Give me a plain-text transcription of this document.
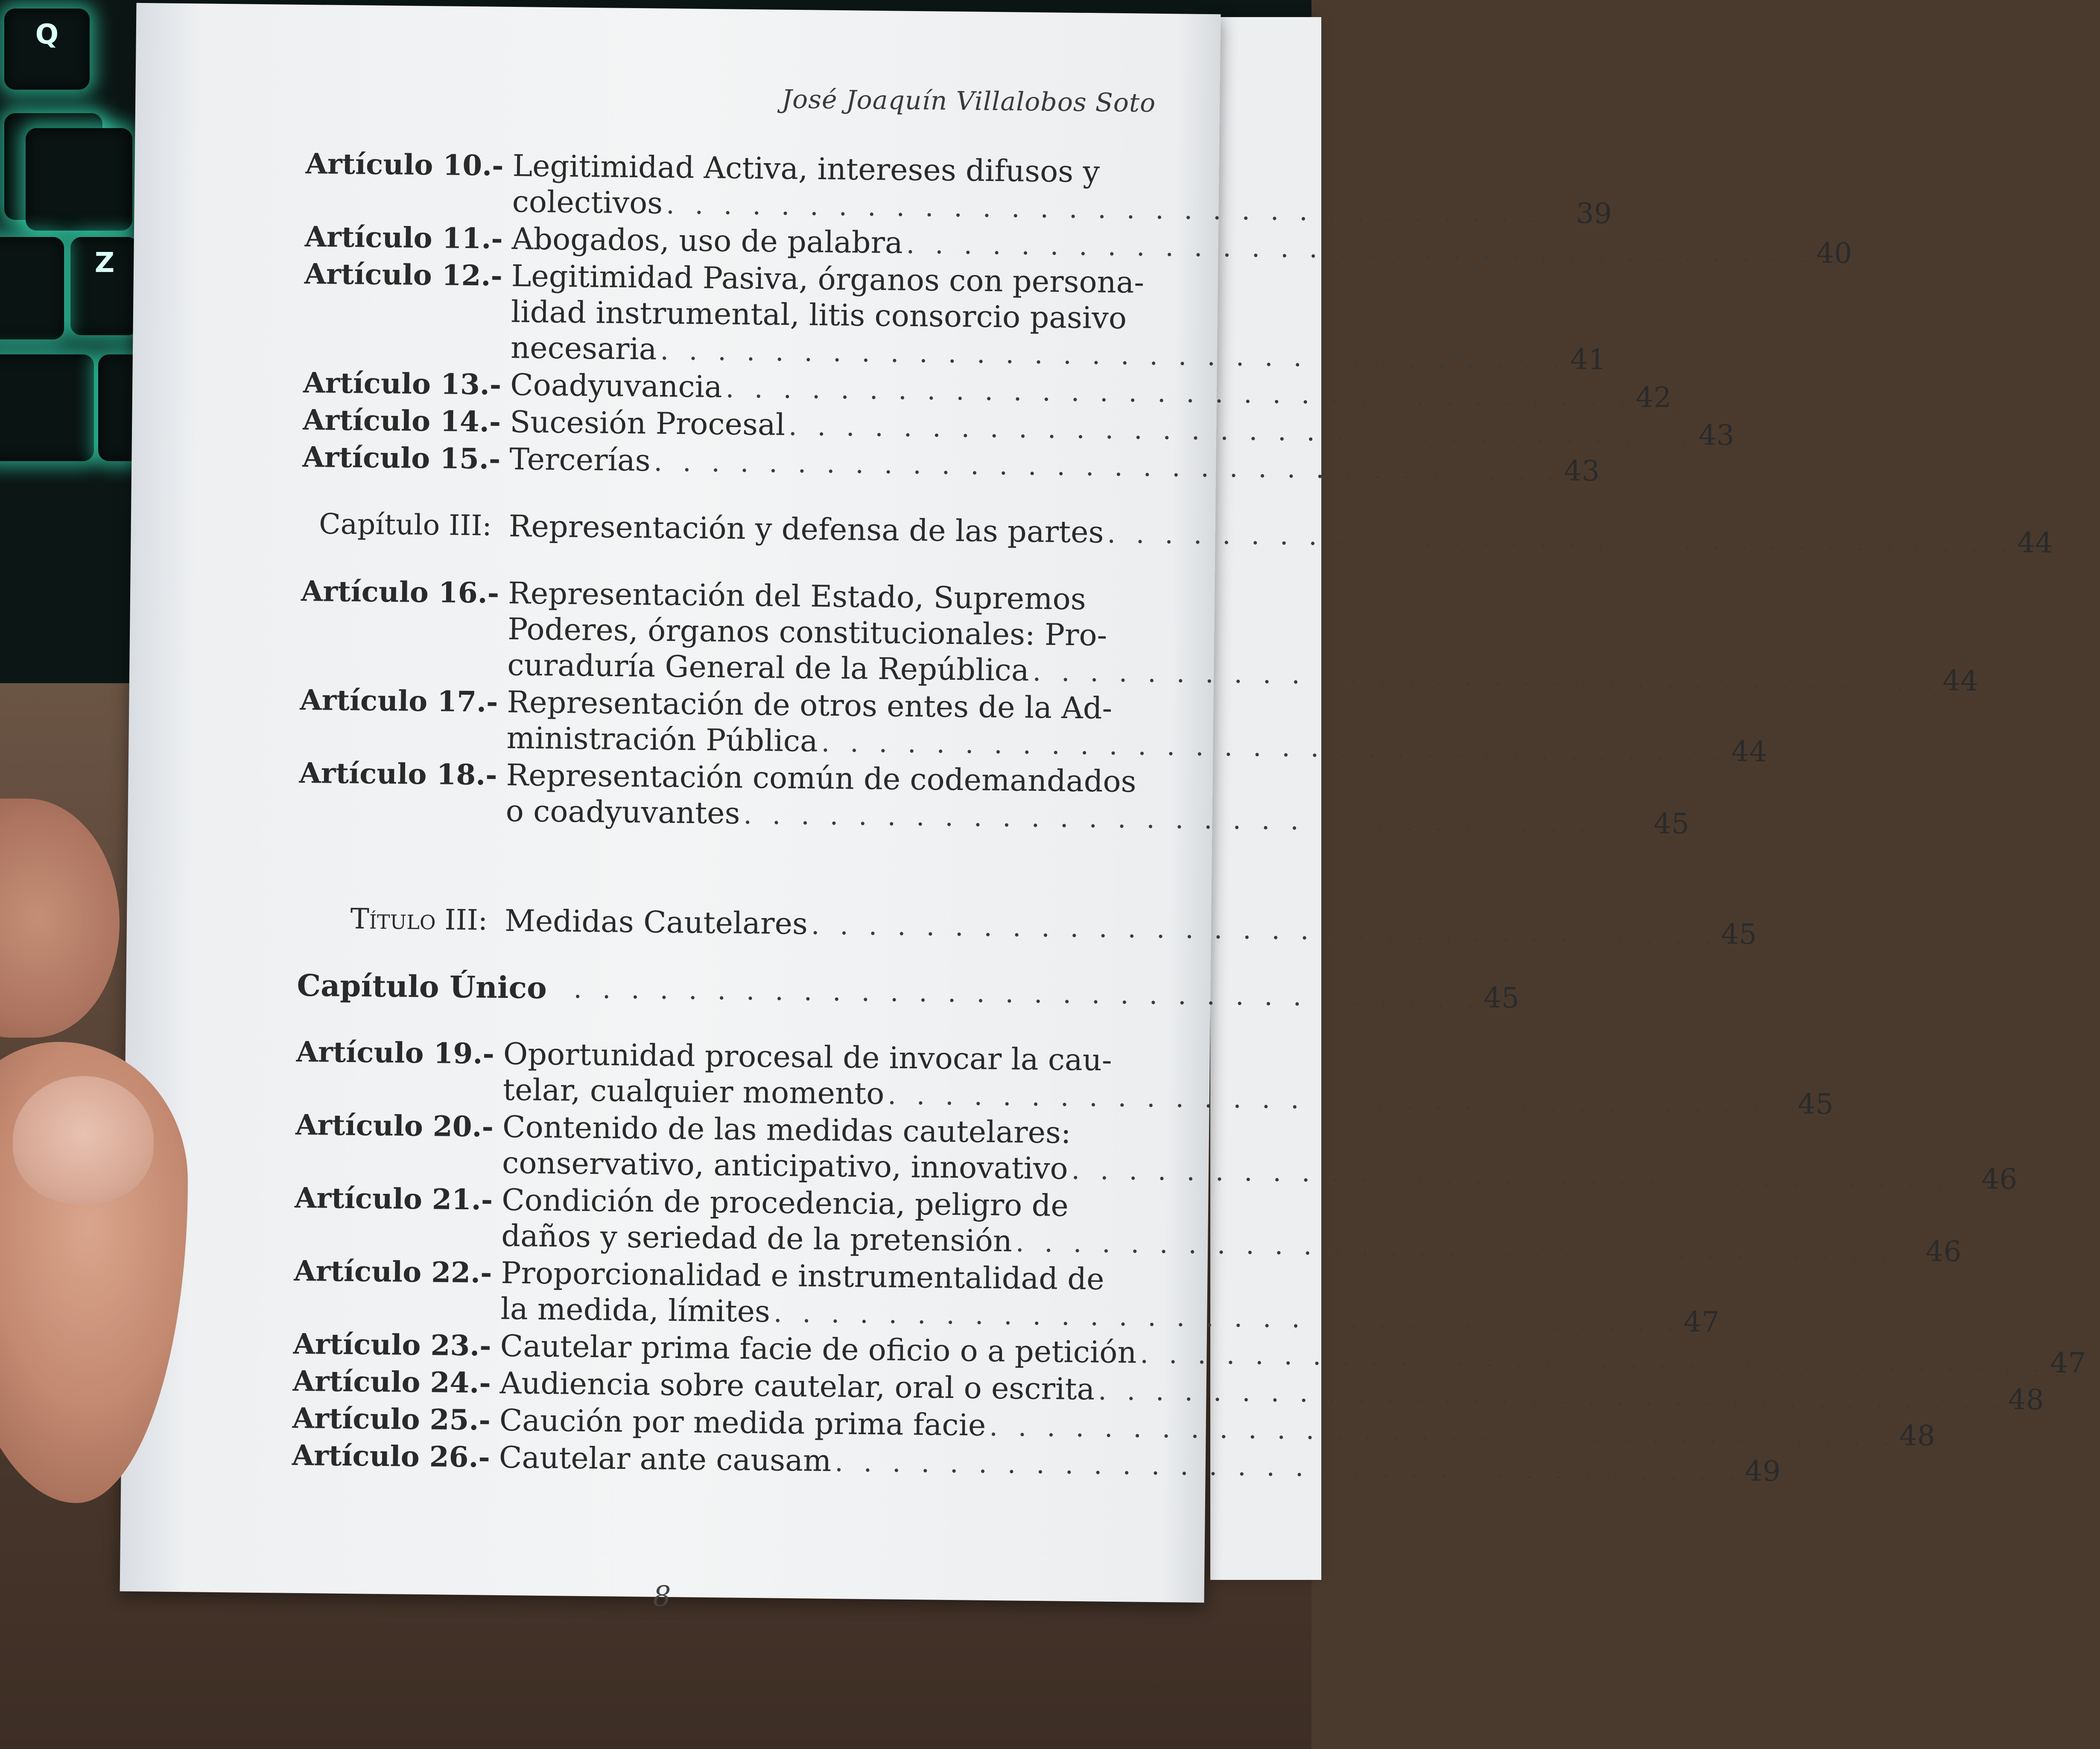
Q
Z
José Joaquín Villalobos Soto
Artículo 10.- Legitimidad Activa, intereses difusos y
colectivos . . . . . . . . . . . . . . . . . . . . . . . . . . . . . . . . 39
Artículo 11.- Abogados, uso de palabra . . . . . . . . . . . . . . . . . . . . . . . . . . . . . . . . 40
Artículo 12.- Legitimidad Pasiva, órganos con persona-
lidad instrumental, litis consorcio pasivo
necesaria . . . . . . . . . . . . . . . . . . . . . . . . . . . . . . . . 41
Artículo 13.- Coadyuvancia . . . . . . . . . . . . . . . . . . . . . . . . . . . . . . . . 42
Artículo 14.- Sucesión Procesal . . . . . . . . . . . . . . . . . . . . . . . . . . . . . . . . 43
Artículo 15.- Tercerías . . . . . . . . . . . . . . . . . . . . . . . . . . . . . . . . 43
Capítulo III: Representación y defensa de las partes . . . . . . . . . . . . . . . . . . . . . . . . . . . . . . . . 44
Artículo 16.- Representación del Estado, Supremos
Poderes, órganos constitucionales: Pro-
curaduría General de la República . . . . . . . . . . . . . . . . . . . . . . . . . . . . . . . . 44
Artículo 17.- Representación de otros entes de la Ad-
ministración Pública . . . . . . . . . . . . . . . . . . . . . . . . . . . . . . . . 44
Artículo 18.- Representación común de codemandados
o coadyuvantes . . . . . . . . . . . . . . . . . . . . . . . . . . . . . . . . 45
Título III: Medidas Cautelares . . . . . . . . . . . . . . . . . . . . . . . . . . . . . . . . 45
Capítulo Único . . . . . . . . . . . . . . . . . . . . . . . . . . . . . . . . 45
Artículo 19.- Oportunidad procesal de invocar la cau-
telar, cualquier momento . . . . . . . . . . . . . . . . . . . . . . . . . . . . . . . . 45
Artículo 20.- Contenido de las medidas cautelares:
conservativo, anticipativo, innovativo . . . . . . . . . . . . . . . . . . . . . . . . . . . . . . . . 46
Artículo 21.- Condición de procedencia, peligro de
daños y seriedad de la pretensión . . . . . . . . . . . . . . . . . . . . . . . . . . . . . . . . 46
Artículo 22.- Proporcionalidad e instrumentalidad de
la medida, límites . . . . . . . . . . . . . . . . . . . . . . . . . . . . . . . . 47
Artículo 23.- Cautelar prima facie de oficio o a petición . . . . . . . . . . . . . . . . . . . . . . . . . . . . . . . . 47
Artículo 24.- Audiencia sobre cautelar, oral o escrita . . . . . . . . . . . . . . . . . . . . . . . . . . . . . . . . 48
Artículo 25.- Caución por medida prima facie . . . . . . . . . . . . . . . . . . . . . . . . . . . . . . . . 48
Artículo 26.- Cautelar ante causam . . . . . . . . . . . . . . . . . . . . . . . . . . . . . . . . 49
8
